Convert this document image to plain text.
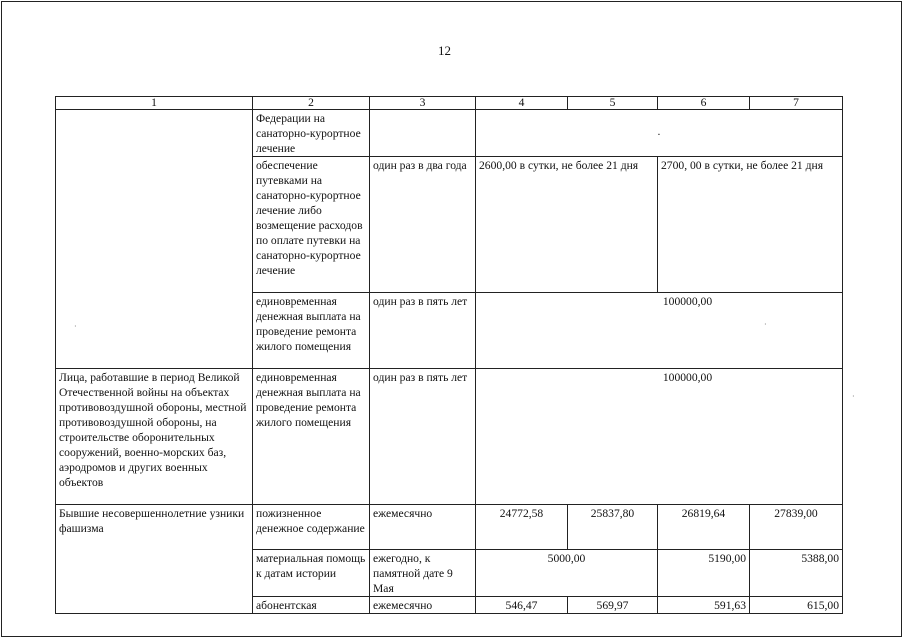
12
1	2	3	4	5	6	7
	Федерации на санаторно-курортное лечение		.			
	обеспечение путевками на санаторно-курортное лечение либо возмещение расходов по оплате путевки на санаторно-курортное лечение	один раз в два года	2600,00 в сутки, не более 21 дня		2700, 00 в сутки, не более 21 дня	
	единовременная денежная выплата на проведение ремонта жилого помещения	один раз в пять лет	100000,00			
Лица, работавшие в период Великой Отечественной войны на объектах противовоздушной обороны, местной противовоздушной обороны, на строительстве оборонительных сооружений, военно-морских баз, аэродромов и других военных объектов	единовременная денежная выплата на проведение ремонта жилого помещения	один раз в пять лет	100000,00			
Бывшие несовершеннолетние узники фашизма	пожизненное денежное содержание	ежемесячно	24772,58	25837,80	26819,64	27839,00
	материальная помощь к датам истории	ежегодно, к памятной дате 9 Мая	5000,00		5190,00	5388,00
	абонентская	ежемесячно	546,47	569,97	591,63	615,00
·	·
·
